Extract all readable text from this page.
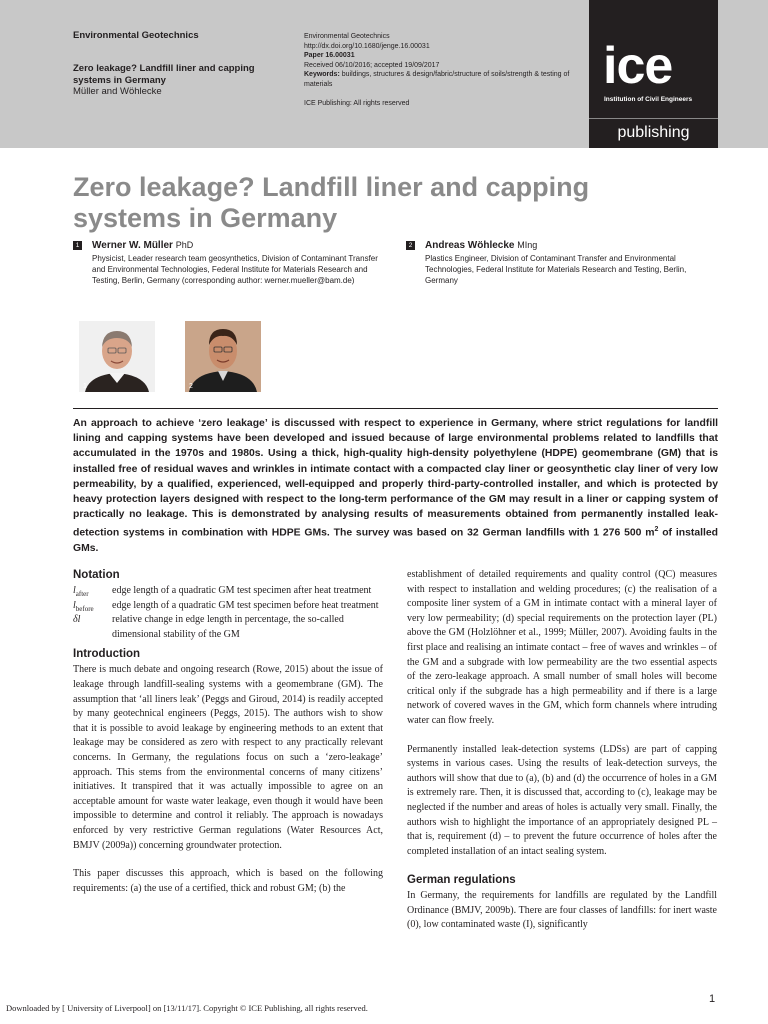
Environmental Geotechnics
Zero leakage? Landfill liner and capping systems in Germany
Müller and Wöhlecke
Environmental Geotechnics
http://dx.doi.org/10.1680/jenge.16.00031
Paper 16.00031
Received 06/10/2016; accepted 19/09/2017
Keywords: buildings, structures & design/fabric/structure of soils/strength & testing of materials
ICE Publishing: All rights reserved
ice
Institution of Civil Engineers
publishing
Zero leakage? Landfill liner and capping
systems in Germany
1 Werner W. Müller PhD
Physicist, Leader research team geosynthetics, Division of Contaminant Transfer and Environmental Technologies, Federal Institute for Materials Research and Testing, Berlin, Germany (corresponding author: werner.mueller@bam.de)
2 Andreas Wöhlecke MIng
Plastics Engineer, Division of Contaminant Transfer and Environmental Technologies, Federal Institute for Materials Research and Testing, Berlin, Germany
1	2
An approach to achieve ‘zero leakage’ is discussed with respect to experience in Germany, where strict regulations for landfill lining and capping systems have been developed and issued because of large environmental problems related to landfills that accumulated in the 1970s and 1980s. Using a thick, high-quality high-density polyethylene (HDPE) geomembrane (GM) that is installed free of residual waves and wrinkles in intimate contact with a compacted clay liner or geosynthetic clay liner of very low permeability, by a qualified, experienced, well-equipped and properly third-party-controlled installer, and which is protected by heavy protection layers designed with respect to the long-term performance of the GM may result in a liner or capping system of practically no leakage. This is demonstrated by analysing results of measurements obtained from permanently installed leak-detection systems in combination with HDPE GMs. The survey was based on 32 German landfills with 1 276 500 $m^2$ of installed GMs.
Notation
$l_{after}$ edge length of a quadratic GM test specimen after heat treatment
$l_{before}$ edge length of a quadratic GM test specimen before heat treatment
δl	relative change in edge length in percentage, the so-called dimensional stability of the GM
Introduction
There is much debate and ongoing research (Rowe, 2015) about the issue of leakage through landfill-sealing systems with a geomembrane (GM). The assumption that ‘all liners leak’ (Peggs and Giroud, 2014) is readily accepted by many geotechnical engineers (Peggs, 2015). The authors wish to show that it is possible to avoid leakage by engineering methods to an extent that leakage may be considered as zero with respect to any practically relevant concerns. In Germany, the regulations focus on such a ‘zero-leakage’ approach. This stems from the environmental concerns of many citizens’ initiatives. It transpired that it was actually impossible to agree on an acceptable amount for waste water leakage, even though it would have been impossible to determine and control it reliably. The approach is nowadays enforced by very restrictive German regulations (Water Resources Act, BMJV (2009a)) concerning groundwater protection.
This paper discusses this approach, which is based on the following requirements: (a) the use of a certified, thick and robust GM; (b) the
establishment of detailed requirements and quality control (QC) measures with respect to installation and welding procedures; (c) the realisation of a composite liner system of a GM in intimate contact with a mineral layer of very low permeability; (d) special requirements on the protection layer (PL) above the GM (Holzlöhner et al., 1999; Müller, 2007). Avoiding faults in the first place and realising an intimate contact – free of waves and wrinkles – of the GM and a subgrade with low permeability are the two essential aspects of the zero-leakage approach. A small number of small holes will become critical only if the subgrade has a high permeability and if there is a large network of covered waves in the GM, which form channels where intruding water can flow freely.
Permanently installed leak-detection systems (LDSs) are part of capping systems in various cases. Using the results of leak-detection surveys, the authors will show that due to (a), (b) and (d) the occurrence of holes in a GM is extremely rare. Then, it is discussed that, according to (c), leakage may be neglected if the number and areas of holes is actually very small. Finally, the authors wish to highlight the importance of an appropriately designed PL – that is, requirement (d) – to prevent the future occurrence of holes after the completed installation of an intact sealing system.
German regulations
In Germany, the requirements for landfills are regulated by the Landfill Ordinance (BMJV, 2009b). There are four classes of landfills: for inert waste (0), low contaminated waste (I), significantly
Downloaded by [ University of Liverpool] on [13/11/17]. Copyright © ICE Publishing, all rights reserved.
1
